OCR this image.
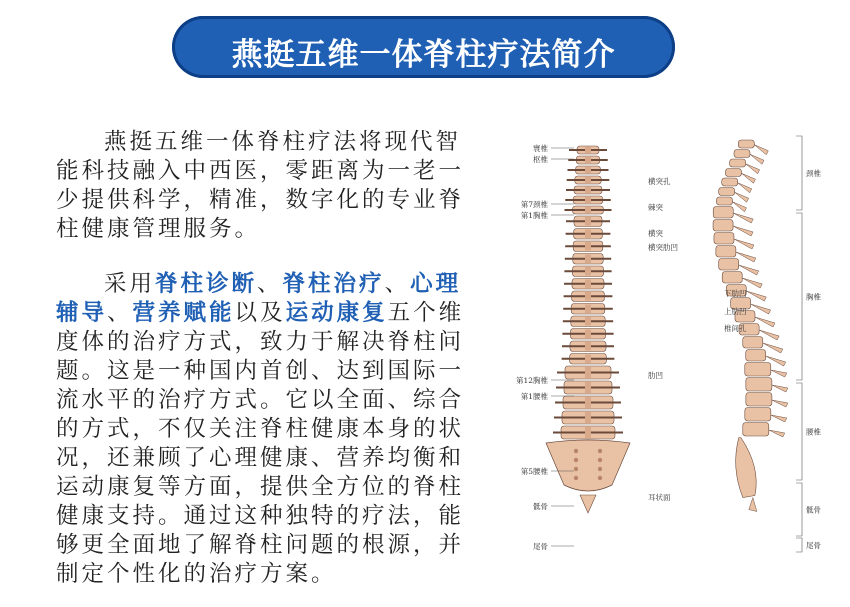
燕挺五维一体脊柱疗法简介

燕挺五维一体脊柱疗法将现代智能科技融入中西医，零距离为一老一少提供科学，精准，数字化的专业脊柱健康管理服务。

采用脊柱诊断、脊柱治疗、心理辅导、营养赋能以及运动康复五个维度体的治疗方式，致力于解决脊柱问题。这是一种国内首创、达到国际一流水平的治疗方式。它以全面、综合的方式，不仅关注脊柱健康本身的状况，还兼顾了心理健康、营养均衡和运动康复等方面，提供全方位的脊柱健康支持。通过这种独特的疗法，能够更全面地了解脊柱问题的根源，并制定个性化的治疗方案。

寰椎
枢椎
第7颈椎
第1胸椎
第12胸椎
第1腰椎
第5腰椎
骶骨
尾骨
横突孔
棘突
横突
横突肋凹
下肋凹
上肋凹
椎间孔
肋凹
耳状面
颈椎
胸椎
腰椎
骶骨
尾骨
